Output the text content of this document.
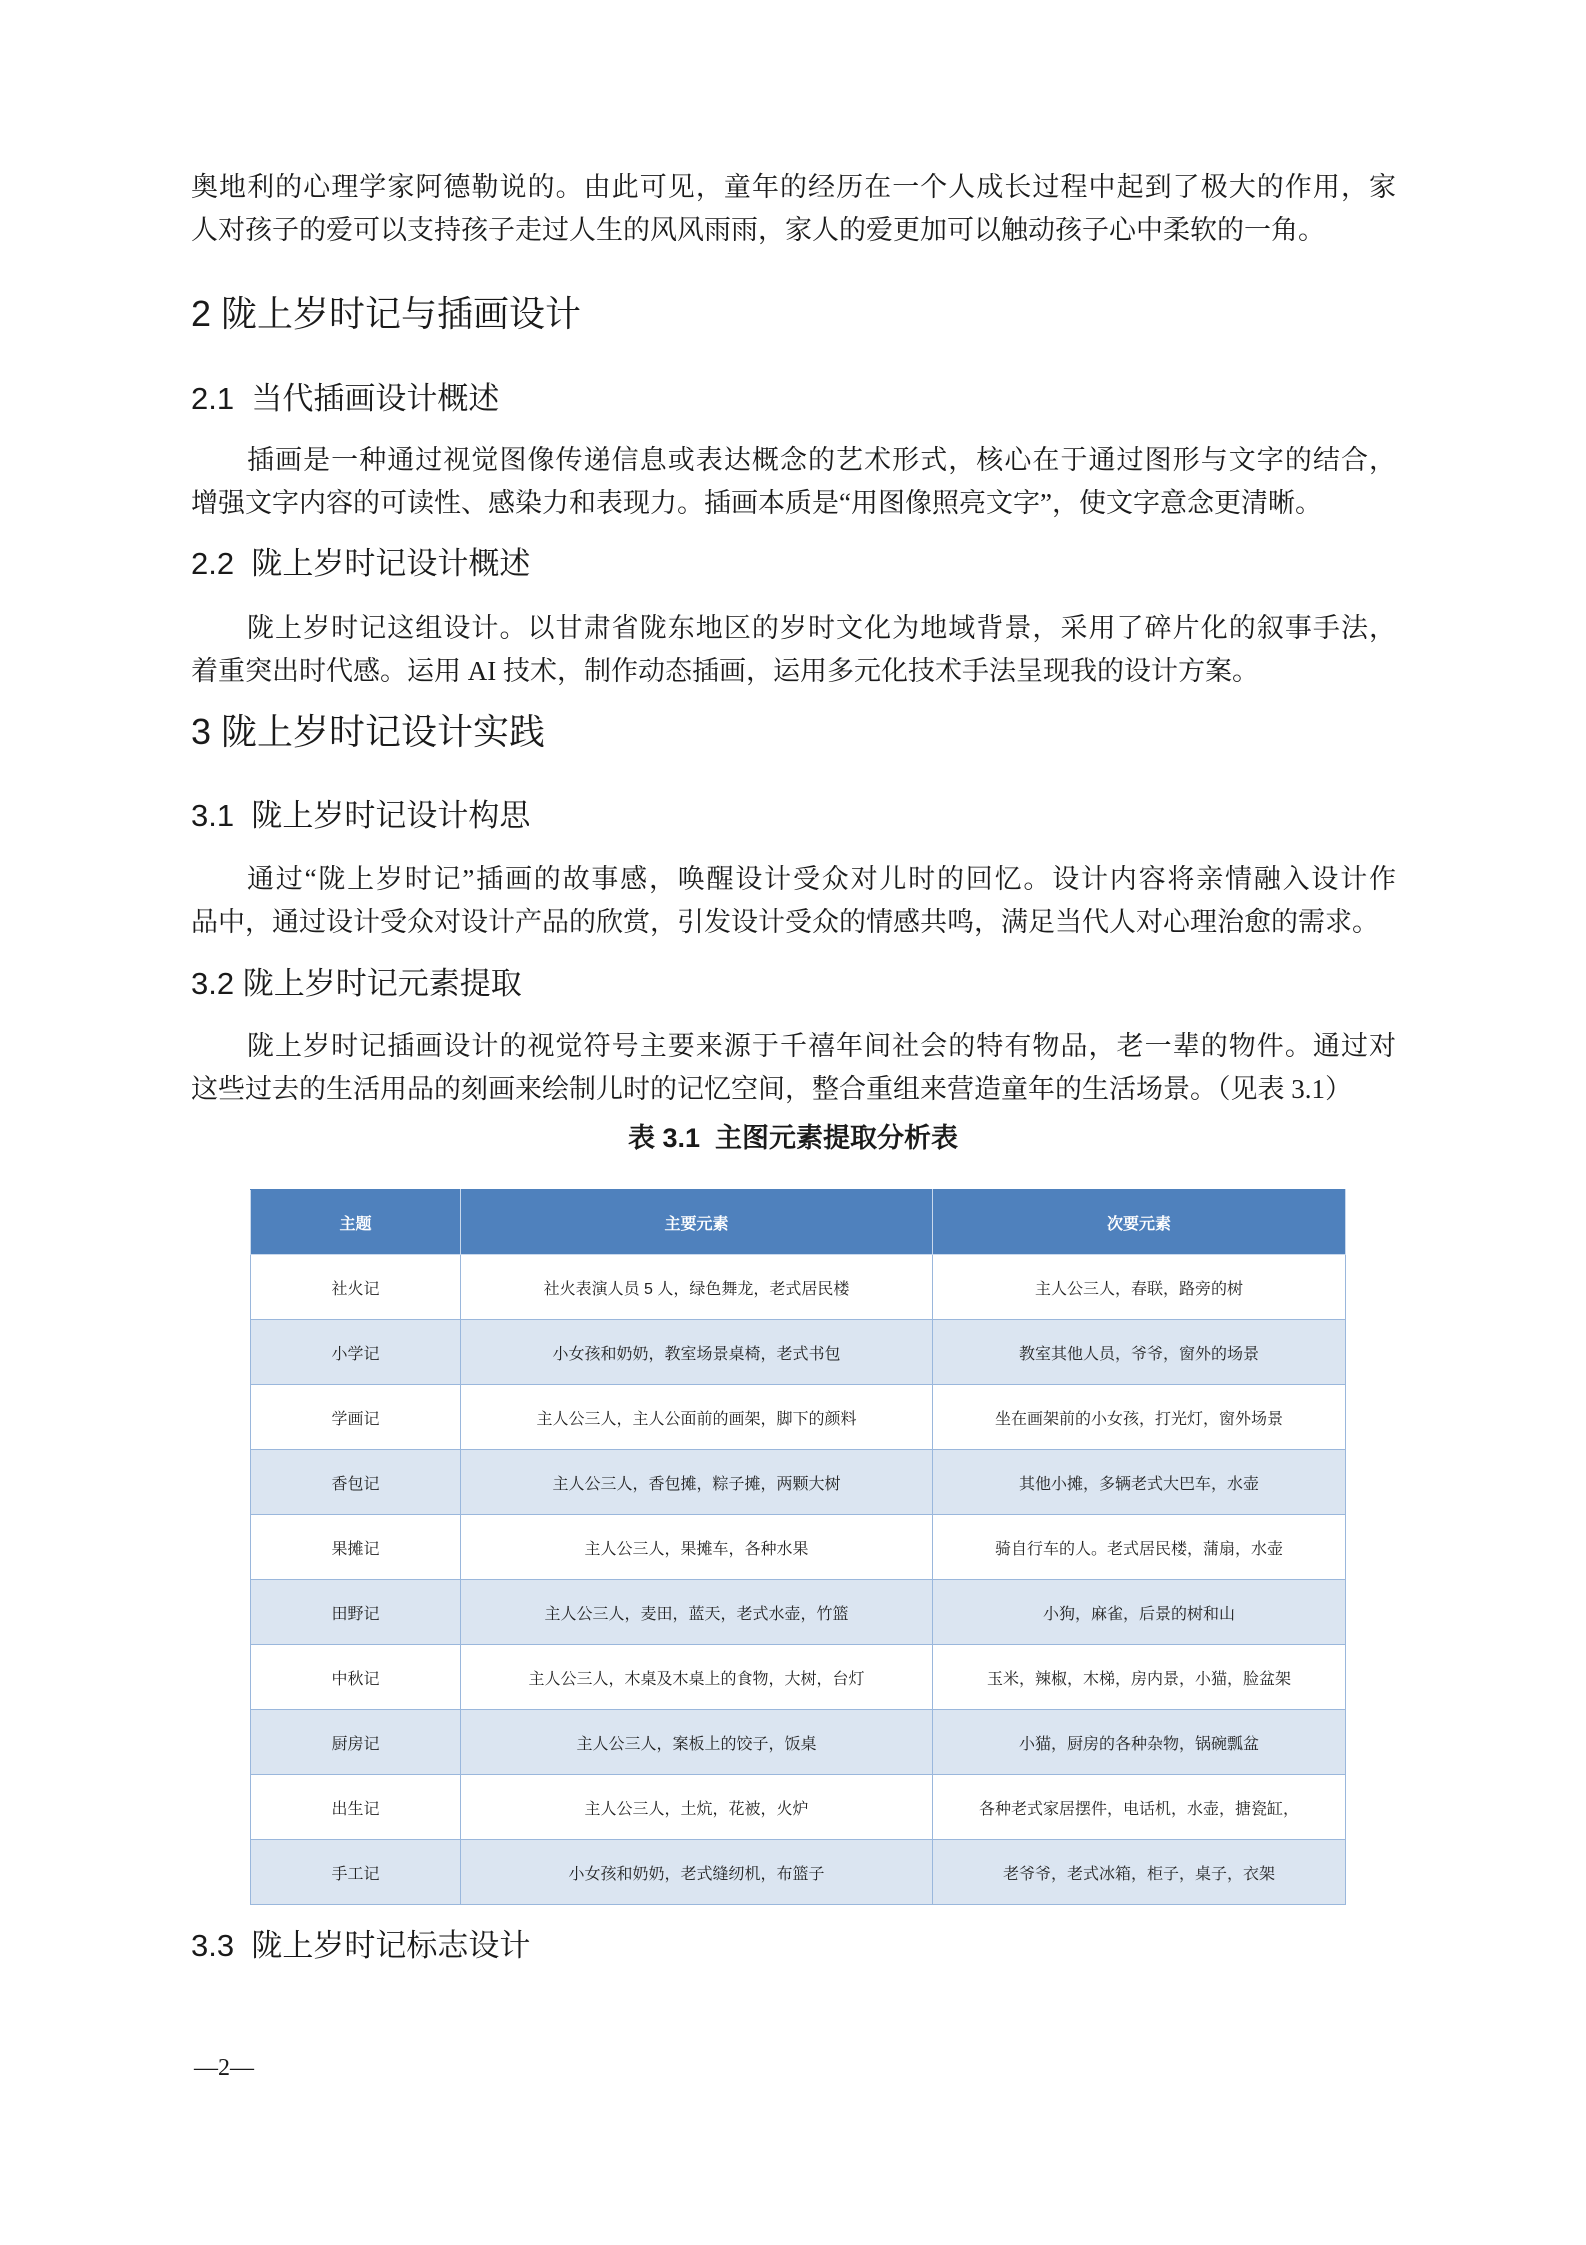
奥地利的心理学家阿德勒说的。由此可见，童年的经历在一个人成长过程中起到了极大的作用，家
人对孩子的爱可以支持孩子走过人生的风风雨雨，家人的爱更加可以触动孩子心中柔软的一角。
2 陇上岁时记与插画设计
2.1  当代插画设计概述
插画是一种通过视觉图像传递信息或表达概念的艺术形式，核心在于通过图形与文字的结合，
增强文字内容的可读性、感染力和表现力。插画本质是“用图像照亮文字”，使文字意念更清晰。
2.2  陇上岁时记设计概述
陇上岁时记这组设计。以甘肃省陇东地区的岁时文化为地域背景，采用了碎片化的叙事手法，
着重突出时代感。运用 AI 技术，制作动态插画，运用多元化技术手法呈现我的设计方案。
3 陇上岁时记设计实践
3.1  陇上岁时记设计构思
通过“陇上岁时记”插画的故事感，唤醒设计受众对儿时的回忆。设计内容将亲情融入设计作
品中，通过设计受众对设计产品的欣赏，引发设计受众的情感共鸣，满足当代人对心理治愈的需求。
3.2 陇上岁时记元素提取
陇上岁时记插画设计的视觉符号主要来源于千禧年间社会的特有物品，老一辈的物件。通过对
这些过去的生活用品的刻画来绘制儿时的记忆空间，整合重组来营造童年的生活场景。（见表 3.1）
表 3.1  主图元素提取分析表
主题	主要元素	次要元素
社火记	社火表演人员 5 人，绿色舞龙，老式居民楼	主人公三人，春联，路旁的树
小学记	小女孩和奶奶，教室场景桌椅，老式书包	教室其他人员，爷爷，窗外的场景
学画记	主人公三人，主人公面前的画架，脚下的颜料	坐在画架前的小女孩，打光灯，窗外场景
香包记	主人公三人，香包摊，粽子摊，两颗大树	其他小摊，多辆老式大巴车，水壶
果摊记	主人公三人，果摊车，各种水果	骑自行车的人。老式居民楼，蒲扇，水壶
田野记	主人公三人，麦田，蓝天，老式水壶，竹篮	小狗，麻雀，后景的树和山
中秋记	主人公三人，木桌及木桌上的食物，大树，台灯	玉米，辣椒，木梯，房内景，小猫，脸盆架
厨房记	主人公三人，案板上的饺子，饭桌	小猫，厨房的各种杂物，锅碗瓢盆
出生记	主人公三人，土炕，花被，火炉	各种老式家居摆件，电话机，水壶，搪瓷缸，
手工记	小女孩和奶奶，老式缝纫机，布篮子	老爷爷，老式冰箱，柜子，桌子，衣架
3.3  陇上岁时记标志设计
—2—
